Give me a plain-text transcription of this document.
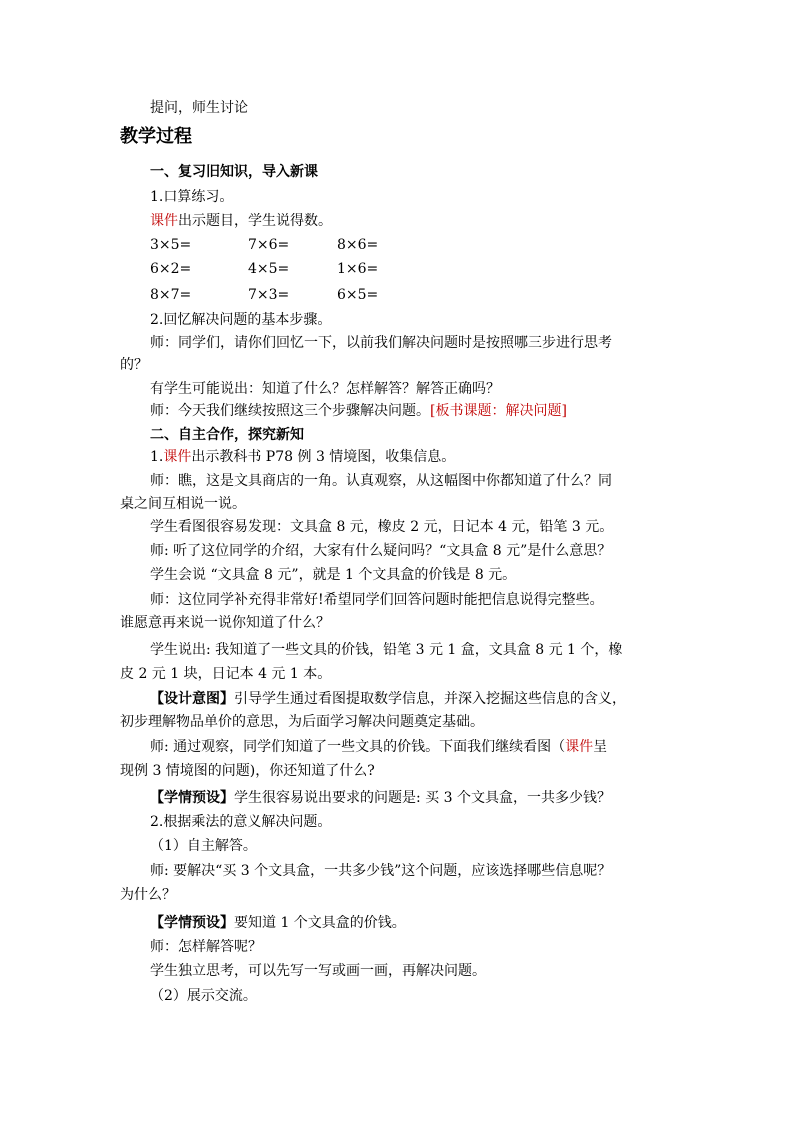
提问，师生讨论
教学过程
一、复习旧知识，导入新课
1.口算练习。
课件出示题目，学生说得数。
3×5=	7×6=	8×6=
6×2=	4×5=	1×6=
8×7=	7×3=	6×5=
2.回忆解决问题的基本步骤。
师：同学们，请你们回忆一下，以前我们解决问题时是按照哪三步进行思考
的？
有学生可能说出：知道了什么？怎样解答？解答正确吗？
师：今天我们继续按照这三个步骤解决问题。[板书课题：解决问题]
二、自主合作，探究新知
1.课件出示教科书 P78 例 3 情境图，收集信息。
师：瞧，这是文具商店的一角。认真观察，从这幅图中你都知道了什么？同
桌之间互相说一说。
学生看图很容易发现：文具盒 8 元，橡皮 2 元，日记本 4 元，铅笔 3 元。
师: 听了这位同学的介绍，大家有什么疑问吗？“文具盒 8 元”是什么意思？
学生会说 “文具盒 8 元”，就是 1 个文具盒的价钱是 8 元。
师：这位同学补充得非常好!希望同学们回答问题时能把信息说得完整些。
谁愿意再来说一说你知道了什么？
学生说出: 我知道了一些文具的价钱，铅笔 3 元 1 盒，文具盒 8 元 1 个，橡
皮 2 元 1 块，日记本 4 元 1 本。
【设计意图】引导学生通过看图提取数学信息，并深入挖掘这些信息的含义，
初步理解物品单价的意思，为后面学习解决问题奠定基础。
师: 通过观察，同学们知道了一些文具的价钱。下面我们继续看图（课件呈
现例 3 情境图的问题)，你还知道了什么?
【学情预设】学生很容易说出要求的问题是: 买 3 个文具盒，一共多少钱？
2.根据乘法的意义解决问题。
（1）自主解答。
师: 要解决“买 3 个文具盒，一共多少钱”这个问题，应该选择哪些信息呢？
为什么？
【学情预设】要知道 1 个文具盒的价钱。
师：怎样解答呢？
学生独立思考，可以先写一写或画一画，再解决问题。
（2）展示交流。
